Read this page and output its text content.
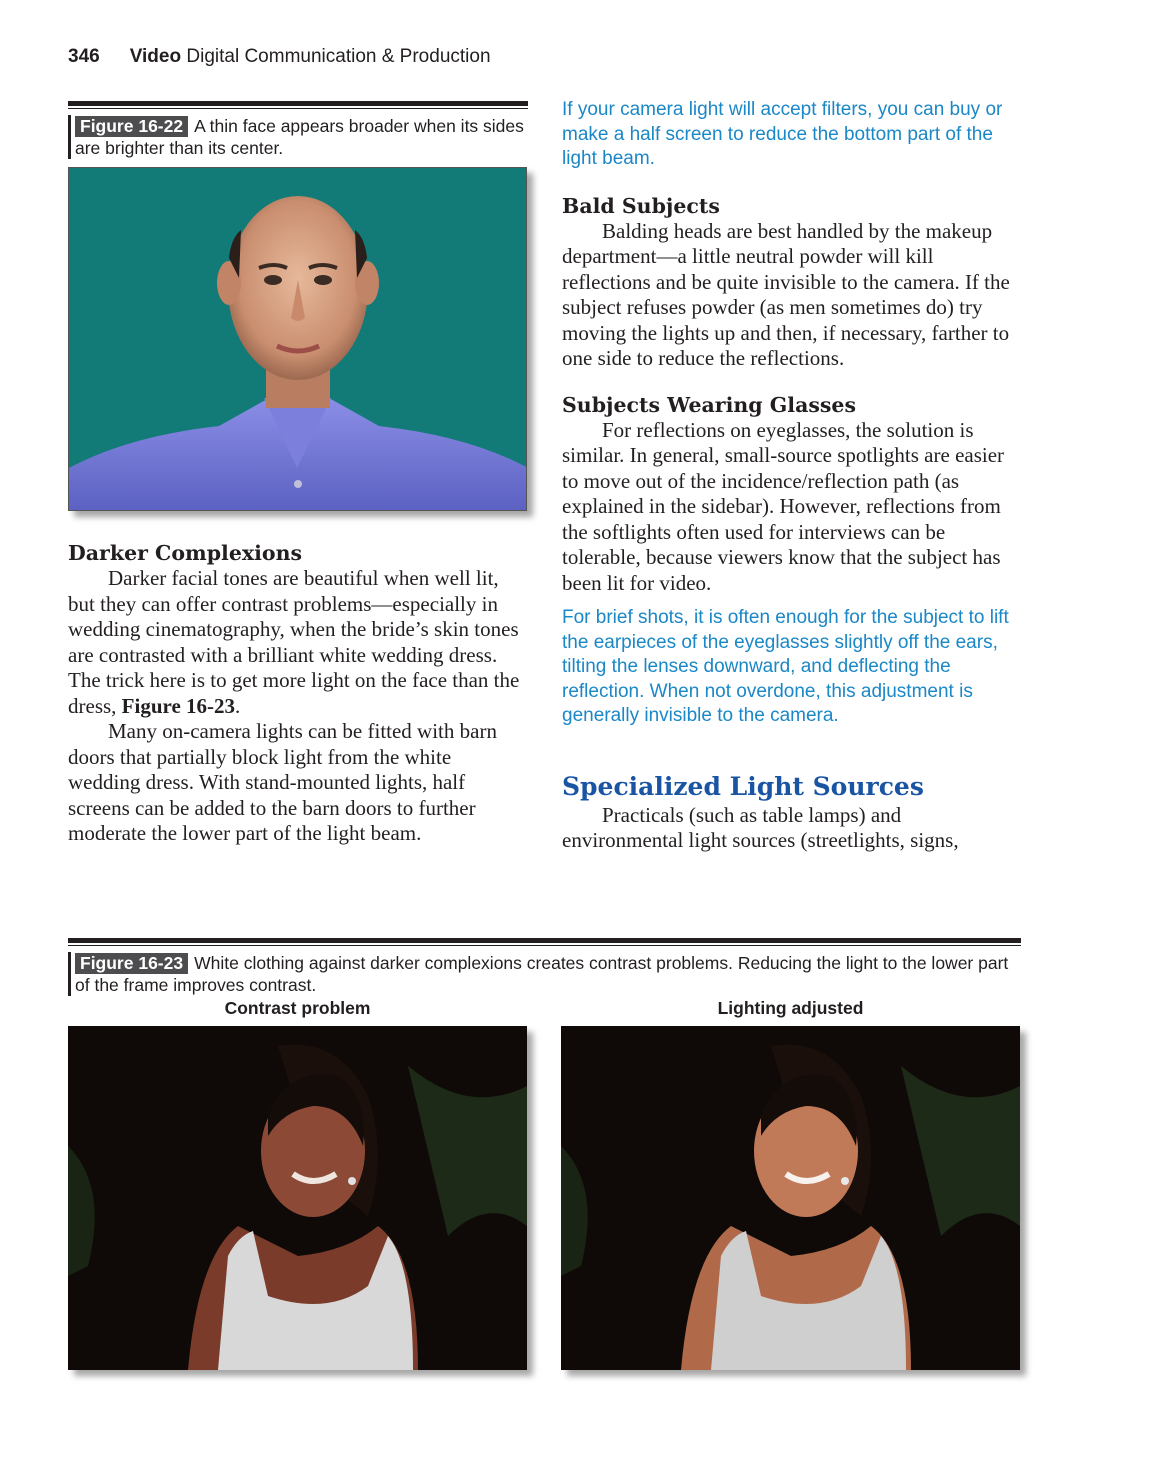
346 Video Digital Communication & Production
Figure 16-22 A thin face appears broader when its sides are brighter than its center.
Darker Complexions

Darker facial tones are beautiful when well lit, but they can offer contrast problems—especially in wedding cinematography, when the bride’s skin tones are contrasted with a brilliant white wedding dress. The trick here is to get more light on the face than the dress, Figure 16-23.

Many on-camera lights can be fitted with barn doors that partially block light from the white wedding dress. With stand-mounted lights, half screens can be added to the barn doors to further moderate the lower part of the light beam.

If your camera light will accept filters, you can buy or make a half screen to reduce the bottom part of the light beam.

Bald Subjects

Balding heads are best handled by the makeup department—a little neutral powder will kill reflections and be quite invisible to the camera. If the subject refuses powder (as men sometimes do) try moving the lights up and then, if necessary, farther to one side to reduce the reflections.

Subjects Wearing Glasses

For reflections on eyeglasses, the solution is similar. In general, small-source spotlights are easier to move out of the incidence/reflection path (as explained in the sidebar). However, reflections from the softlights often used for interviews can be tolerable, because viewers know that the subject has been lit for video.

For brief shots, it is often enough for the subject to lift the earpieces of the eyeglasses slightly off the ears, tilting the lenses downward, and deflecting the reflection. When not overdone, this adjustment is generally invisible to the camera.

Specialized Light Sources

Practicals (such as table lamps) and environmental light sources (streetlights, signs,

Figure 16-23 White clothing against darker complexions creates contrast problems. Reducing the light to the lower part of the frame improves contrast.
Contrast problem	Lighting adjusted
